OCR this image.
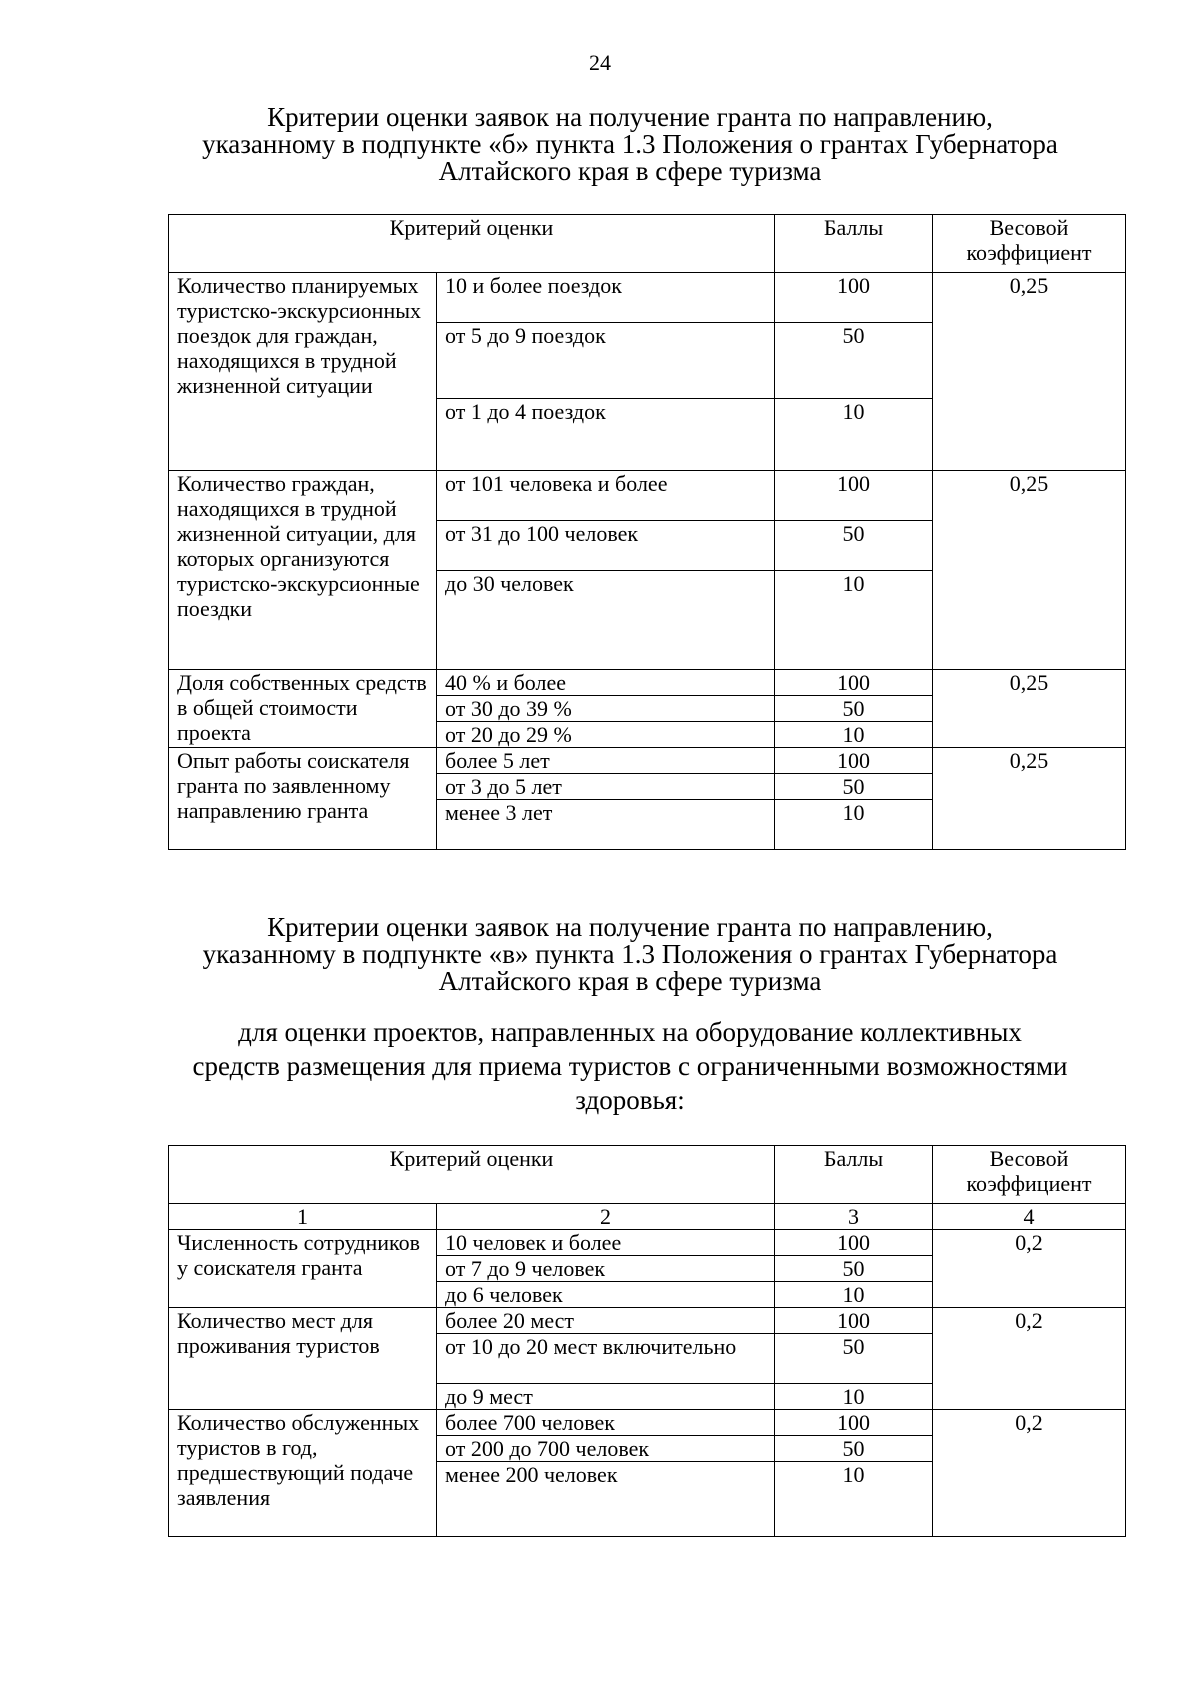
24
Критерии оценки заявок на получение гранта по направлению,
указанному в подпункте «б» пункта 1.3 Положения о грантах Губернатора
Алтайского края в сфере туризма
Критерий оценки		Баллы	Весовой коэффициент
Количество планируемых туристско-экскурсионных поездок для граждан, находящихся в трудной жизненной ситуации	10 и более поездок	100	0,25
	от 5 до 9 поездок	50	
	от 1 до 4 поездок	10	
Количество граждан, находящихся в трудной жизненной ситуации, для которых организуются туристско-экскурсионные поездки	от 101 человека и более	100	0,25
	от 31 до 100 человек	50	
	до 30 человек	10	
Доля собственных средств в общей стоимости проекта	40 % и более	100	0,25
	от 30 до 39 %	50	
	от 20 до 29 %	10	
Опыт работы соискателя гранта по заявленному направлению гранта	более 5 лет	100	0,25
	от 3 до 5 лет	50	
	менее 3 лет	10	
Критерии оценки заявок на получение гранта по направлению,
указанному в подпункте «в» пункта 1.3 Положения о грантах Губернатора
Алтайского края в сфере туризма
для оценки проектов, направленных на оборудование коллективных
средств размещения для приема туристов с ограниченными возможностями
здоровья:
Критерий оценки		Баллы	Весовой коэффициент
1	2	3	4
Численность сотрудников у соискателя гранта	10 человек и более	100	0,2
	от 7 до 9 человек	50	
	до 6 человек	10	
Количество мест для проживания туристов	более 20 мест	100	0,2
	от 10 до 20 мест включительно	50	
	до 9 мест	10	
Количество обслуженных туристов в год, предшествующий подаче заявления	более 700 человек	100	0,2
	от 200 до 700 человек	50	
	менее 200 человек	10	
